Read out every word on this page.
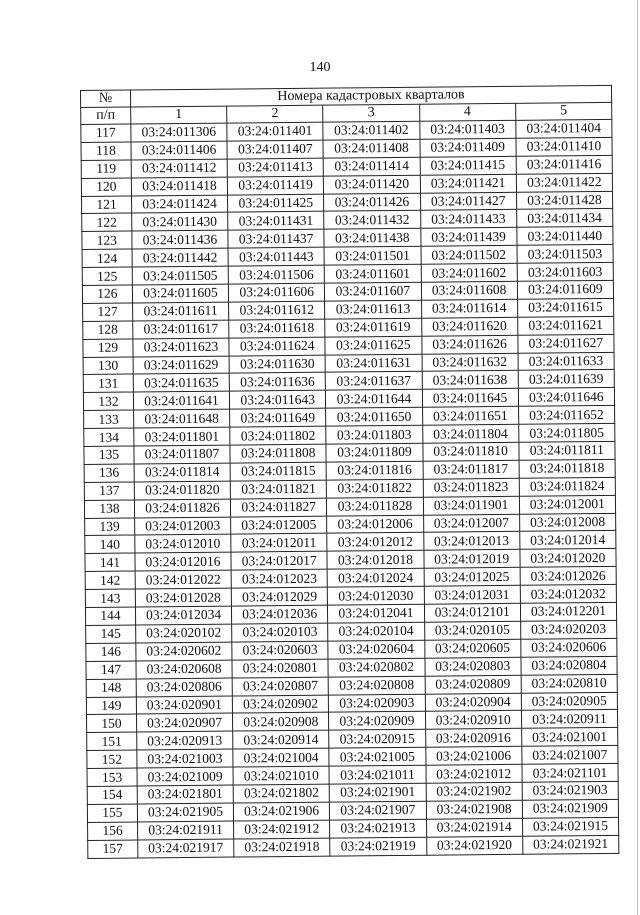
140
№	Номера кадастровых кварталов				
п/п	1	2	3	4	5
117	03:24:011306	03:24:011401	03:24:011402	03:24:011403	03:24:011404
118	03:24:011406	03:24:011407	03:24:011408	03:24:011409	03:24:011410
119	03:24:011412	03:24:011413	03:24:011414	03:24:011415	03:24:011416
120	03:24:011418	03:24:011419	03:24:011420	03:24:011421	03:24:011422
121	03:24:011424	03:24:011425	03:24:011426	03:24:011427	03:24:011428
122	03:24:011430	03:24:011431	03:24:011432	03:24:011433	03:24:011434
123	03:24:011436	03:24:011437	03:24:011438	03:24:011439	03:24:011440
124	03:24:011442	03:24:011443	03:24:011501	03:24:011502	03:24:011503
125	03:24:011505	03:24:011506	03:24:011601	03:24:011602	03:24:011603
126	03:24:011605	03:24:011606	03:24:011607	03:24:011608	03:24:011609
127	03:24:011611	03:24:011612	03:24:011613	03:24:011614	03:24:011615
128	03:24:011617	03:24:011618	03:24:011619	03:24:011620	03:24:011621
129	03:24:011623	03:24:011624	03:24:011625	03:24:011626	03:24:011627
130	03:24:011629	03:24:011630	03:24:011631	03:24:011632	03:24:011633
131	03:24:011635	03:24:011636	03:24:011637	03:24:011638	03:24:011639
132	03:24:011641	03:24:011643	03:24:011644	03:24:011645	03:24:011646
133	03:24:011648	03:24:011649	03:24:011650	03:24:011651	03:24:011652
134	03:24:011801	03:24:011802	03:24:011803	03:24:011804	03:24:011805
135	03:24:011807	03:24:011808	03:24:011809	03:24:011810	03:24:011811
136	03:24:011814	03:24:011815	03:24:011816	03:24:011817	03:24:011818
137	03:24:011820	03:24:011821	03:24:011822	03:24:011823	03:24:011824
138	03:24:011826	03:24:011827	03:24:011828	03:24:011901	03:24:012001
139	03:24:012003	03:24:012005	03:24:012006	03:24:012007	03:24:012008
140	03:24:012010	03:24:012011	03:24:012012	03:24:012013	03:24:012014
141	03:24:012016	03:24:012017	03:24:012018	03:24:012019	03:24:012020
142	03:24:012022	03:24:012023	03:24:012024	03:24:012025	03:24:012026
143	03:24:012028	03:24:012029	03:24:012030	03:24:012031	03:24:012032
144	03:24:012034	03:24:012036	03:24:012041	03:24:012101	03:24:012201
145	03:24:020102	03:24:020103	03:24:020104	03:24:020105	03:24:020203
146	03:24:020602	03:24:020603	03:24:020604	03:24:020605	03:24:020606
147	03:24:020608	03:24:020801	03:24:020802	03:24:020803	03:24:020804
148	03:24:020806	03:24:020807	03:24:020808	03:24:020809	03:24:020810
149	03:24:020901	03:24:020902	03:24:020903	03:24:020904	03:24:020905
150	03:24:020907	03:24:020908	03:24:020909	03:24:020910	03:24:020911
151	03:24:020913	03:24:020914	03:24:020915	03:24:020916	03:24:021001
152	03:24:021003	03:24:021004	03:24:021005	03:24:021006	03:24:021007
153	03:24:021009	03:24:021010	03:24:021011	03:24:021012	03:24:021101
154	03:24:021801	03:24:021802	03:24:021901	03:24:021902	03:24:021903
155	03:24:021905	03:24:021906	03:24:021907	03:24:021908	03:24:021909
156	03:24:021911	03:24:021912	03:24:021913	03:24:021914	03:24:021915
157	03:24:021917	03:24:021918	03:24:021919	03:24:021920	03:24:021921
